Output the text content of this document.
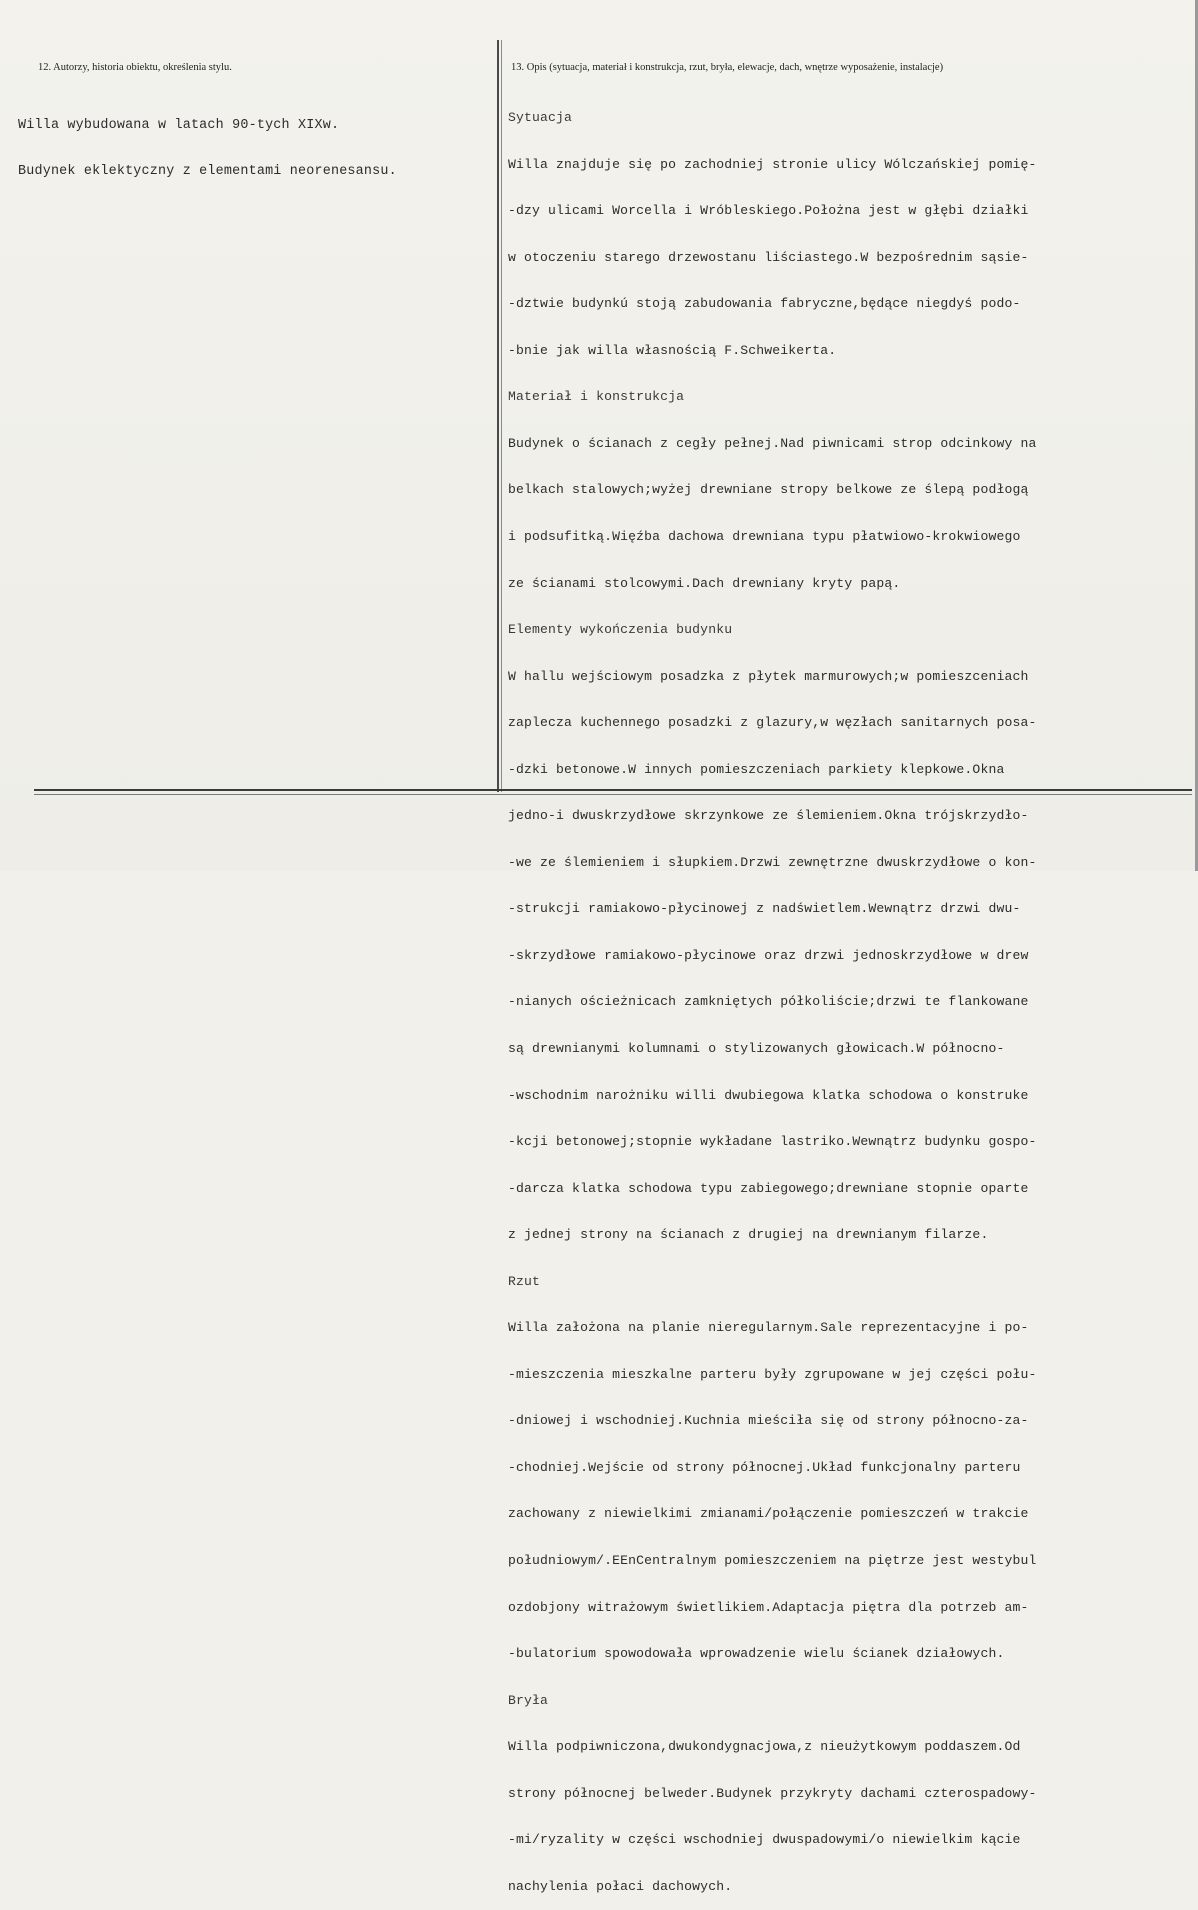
12. Autorzy, historia obiektu, określenia stylu.	13. Opis (sytuacja, materiał i konstrukcja, rzut, bryła, elewacje, dach, wnętrze wyposażenie, instalacje)

Willa wybudowana w latach 90-tych XIXw.

Budynek eklektyczny z elementami neorenesansu.

Sytuacja

Willa znajduje się po zachodniej stronie ulicy Wólczańskiej pomię-

-dzy ulicami Worcella i Wróbleskiego.Położna jest w głębi działki

w otoczeniu starego drzewostanu liściastego.W bezpośrednim sąsie-

-dztwie budynkú stoją zabudowania fabryczne,będące niegdyś podo-

-bnie jak willa własnością F.Schweikerta.

Materiał i konstrukcja

Budynek o ścianach z cegły pełnej.Nad piwnicami strop odcinkowy na

belkach stalowych;wyżej drewniane stropy belkowe ze ślepą podłogą

i podsufitką.Więźba dachowa drewniana typu płatwiowo-krokwiowego

ze ścianami stolcowymi.Dach drewniany kryty papą.

Elementy wykończenia budynku

W hallu wejściowym posadzka z płytek marmurowych;w pomieszceniach

zaplecza kuchennego posadzki z glazury,w węzłach sanitarnych posa-

-dzki betonowe.W innych pomieszczeniach parkiety klepkowe.Okna

jedno-i dwuskrzydłowe skrzynkowe ze ślemieniem.Okna trójskrzydło-

-we ze ślemieniem i słupkiem.Drzwi zewnętrzne dwuskrzydłowe o kon-

-strukcji ramiakowo-płycinowej z nadświetlem.Wewnątrz drzwi dwu-

-skrzydłowe ramiakowo-płycinowe oraz drzwi jednoskrzydłowe w drew

-nianych ościeżnicach zamkniętych półkoliście;drzwi te flankowane

są drewnianymi kolumnami o stylizowanych głowicach.W północno-

-wschodnim narożniku willi dwubiegowa klatka schodowa o konstruke

-kcji betonowej;stopnie wykładane lastriko.Wewnątrz budynku gospo-

-darcza klatka schodowa typu zabiegowego;drewniane stopnie oparte

z jednej strony na ścianach z drugiej na drewnianym filarze.

Rzut

Willa założona na planie nieregularnym.Sale reprezentacyjne i po-

-mieszczenia mieszkalne parteru były zgrupowane w jej części połu-

-dniowej i wschodniej.Kuchnia mieściła się od strony północno-za-

-chodniej.Wejście od strony północnej.Układ funkcjonalny parteru

zachowany z niewielkimi zmianami/połączenie pomieszczeń w trakcie

południowym/.EEnCentralnym pomieszczeniem na piętrze jest westybul

ozdobjony witrażowym świetlikiem.Adaptacja piętra dla potrzeb am-

-bulatorium spowodowała wprowadzenie wielu ścianek działowych.

Bryła

Willa podpiwniczona,dwukondygnacjowa,z nieużytkowym poddaszem.Od

strony północnej belweder.Budynek przykryty dachami czterospadowy-

-mi/ryzality w części wschodniej dwuspadowymi/o niewielkim kącie

nachylenia połaci dachowych.
